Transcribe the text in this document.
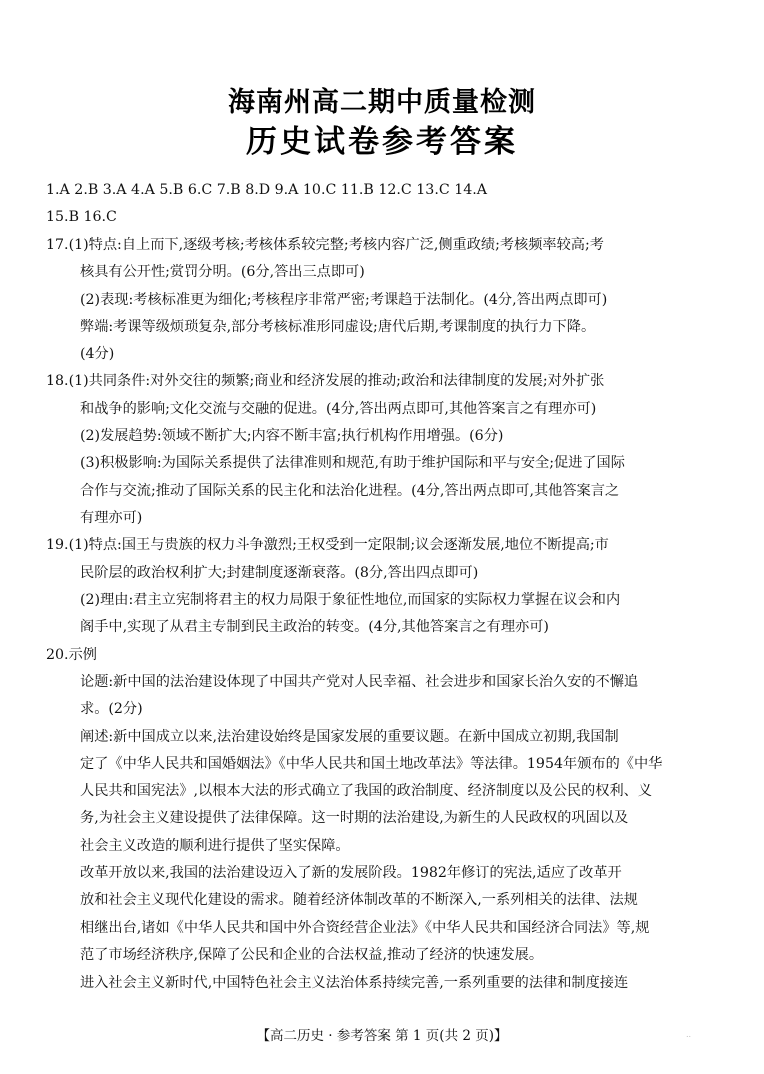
海南州高二期中质量检测
历史试卷参考答案
1.A 2.B 3.A 4.A 5.B 6.C 7.B 8.D 9.A 10.C 11.B 12.C 13.C 14.A
15.B 16.C
17.(1)特点:自上而下,逐级考核;考核体系较完整;考核内容广泛,侧重政绩;考核频率较高;考
核具有公开性;赏罚分明。(6分,答出三点即可)
(2)表现:考核标准更为细化;考核程序非常严密;考课趋于法制化。(4分,答出两点即可)
弊端:考课等级烦琐复杂,部分考核标准形同虚设;唐代后期,考课制度的执行力下降。
(4分)
18.(1)共同条件:对外交往的频繁;商业和经济发展的推动;政治和法律制度的发展;对外扩张
和战争的影响;文化交流与交融的促进。(4分,答出两点即可,其他答案言之有理亦可)
(2)发展趋势:领域不断扩大;内容不断丰富;执行机构作用增强。(6分)
(3)积极影响:为国际关系提供了法律准则和规范,有助于维护国际和平与安全;促进了国际
合作与交流;推动了国际关系的民主化和法治化进程。(4分,答出两点即可,其他答案言之
有理亦可)
19.(1)特点:国王与贵族的权力斗争激烈;王权受到一定限制;议会逐渐发展,地位不断提高;市
民阶层的政治权利扩大;封建制度逐渐衰落。(8分,答出四点即可)
(2)理由:君主立宪制将君主的权力局限于象征性地位,而国家的实际权力掌握在议会和内
阁手中,实现了从君主专制到民主政治的转变。(4分,其他答案言之有理亦可)
20.示例
论题:新中国的法治建设体现了中国共产党对人民幸福、社会进步和国家长治久安的不懈追
求。(2分)
阐述:新中国成立以来,法治建设始终是国家发展的重要议题。在新中国成立初期,我国制
定了《中华人民共和国婚姻法》《中华人民共和国土地改革法》等法律。1954年颁布的《中华
人民共和国宪法》,以根本大法的形式确立了我国的政治制度、经济制度以及公民的权利、义
务,为社会主义建设提供了法律保障。这一时期的法治建设,为新生的人民政权的巩固以及
社会主义改造的顺利进行提供了坚实保障。
改革开放以来,我国的法治建设迈入了新的发展阶段。1982年修订的宪法,适应了改革开
放和社会主义现代化建设的需求。随着经济体制改革的不断深入,一系列相关的法律、法规
相继出台,诸如《中华人民共和国中外合资经营企业法》《中华人民共和国经济合同法》等,规
范了市场经济秩序,保障了公民和企业的合法权益,推动了经济的快速发展。
进入社会主义新时代,中国特色社会主义法治体系持续完善,一系列重要的法律和制度接连
【高二历史 · 参考答案 第 1 页(共 2 页)】	..
